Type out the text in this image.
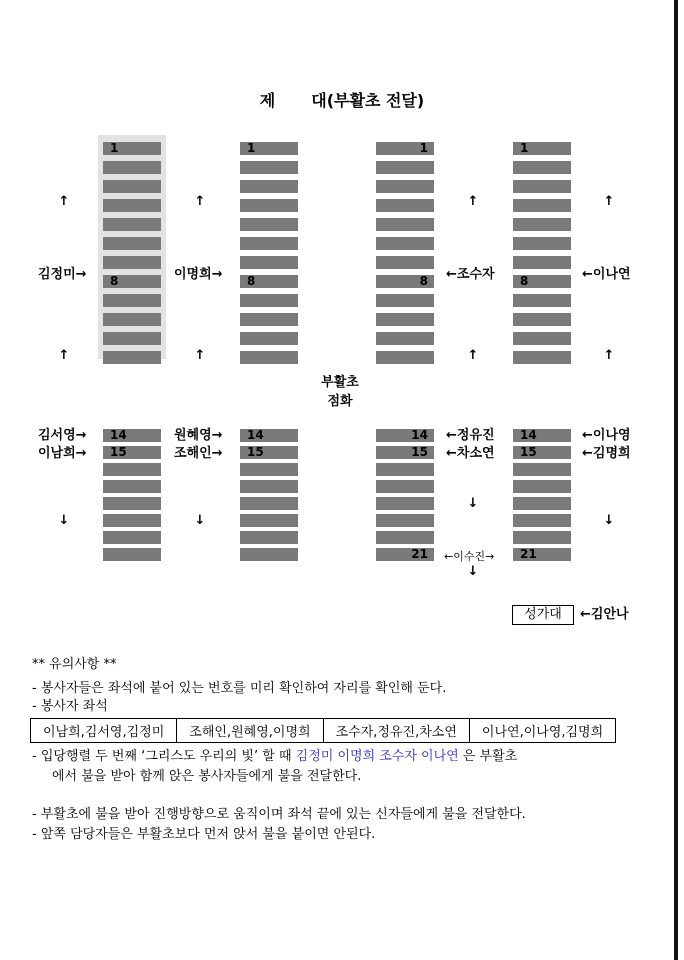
제 대(부활초 전달)
1
8
14
15
1
8
14
15
1
8
14
15
21
1
8
14
15
21
↑	↑	↑	↑
↑	↑	↑	↑
↓	↓
↓
↓
↓
김정미→	이명희→	←조수자	←이나연
부활초
점화
김서영→	원혜영→	←정유진	←이나영
이남희→	조해인→	←차소연	←김명희
←이수진→
성가대	←김안나
** 유의사항 **
- 봉사자들은 좌석에 붙어 있는 번호를 미리 확인하여 자리를 확인해 둔다.
- 봉사자 좌석
- 입당행렬 두 번째 ‘그리스도 우리의 빛’ 할 때 김정미 이명희 조수자 이나연 은 부활초
에서 불을 받아 함께 앉은 봉사자들에게 불을 전달한다.
- 부활초에 불을 받아 진행방향으로 움직이며 좌석 끝에 있는 신자들에게 불을 전달한다.
- 앞쪽 담당자들은 부활초보다 먼저 앉서 불을 붙이면 안된다.
이남희,김서영,김정미	조해인,원혜영,이명희	조수자,정유진,차소연	이나연,이나영,김명희
